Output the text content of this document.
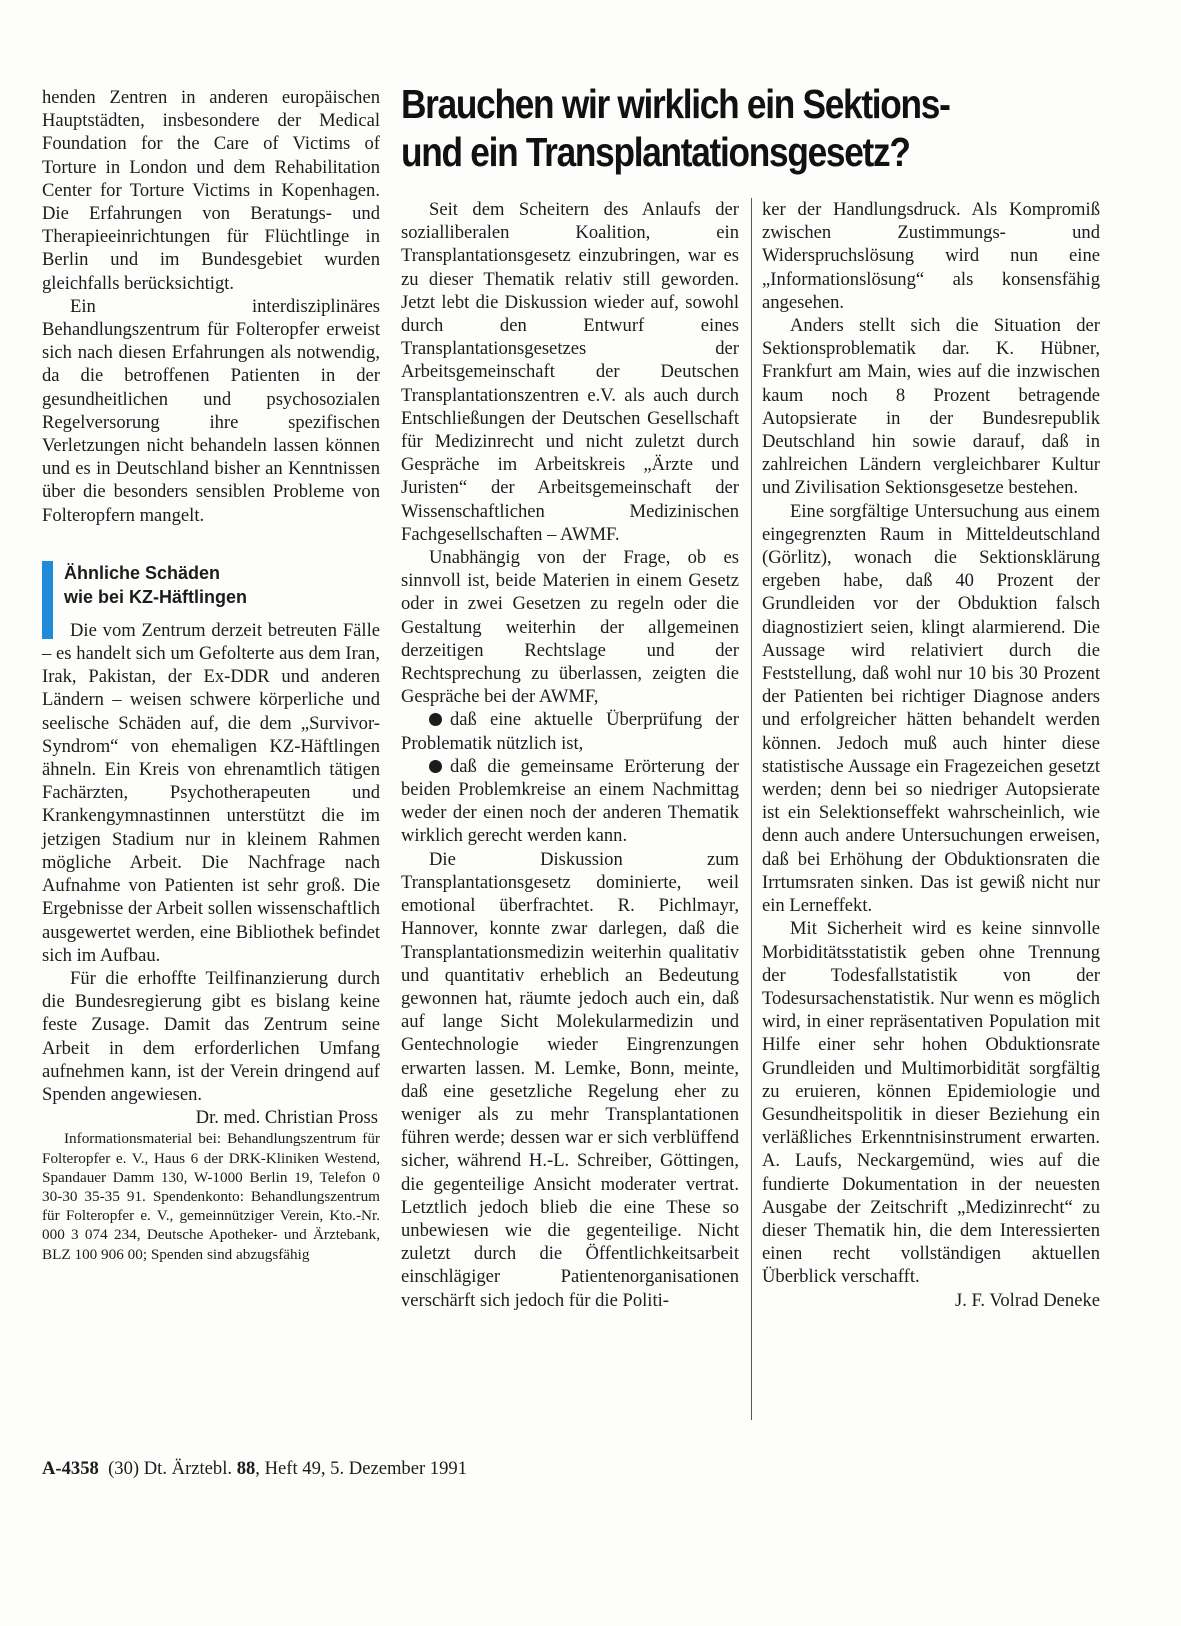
Brauchen wir wirklich ein Sektions-
und ein Transplantationsgesetz?

henden Zentren in anderen europäischen Hauptstädten, insbesondere der Medical Foundation for the Care of Victims of Torture in London und dem Rehabilitation Center for Torture Victims in Kopenhagen. Die Erfahrungen von Beratungs- und Therapieeinrichtungen für Flüchtlinge in Berlin und im Bundesgebiet wurden gleichfalls berücksichtigt.

Ein interdisziplinäres Behandlungszentrum für Folteropfer erweist sich nach diesen Erfahrungen als notwendig, da die betroffenen Patienten in der gesundheitlichen und psychosozialen Regelversorung ihre spezifischen Verletzungen nicht behandeln lassen können und es in Deutschland bisher an Kenntnissen über die besonders sensiblen Probleme von Folteropfern mangelt.

Ähnliche Schäden
wie bei KZ-Häftlingen

Die vom Zentrum derzeit betreuten Fälle – es handelt sich um Gefolterte aus dem Iran, Irak, Pakistan, der Ex-DDR und anderen Ländern – weisen schwere körperliche und seelische Schäden auf, die dem „Survivor-Syndrom“ von ehemaligen KZ-Häftlingen ähneln. Ein Kreis von ehrenamtlich tätigen Fachärzten, Psychotherapeuten und Krankengymnastinnen unterstützt die im jetzigen Stadium nur in kleinem Rahmen mögliche Arbeit. Die Nachfrage nach Aufnahme von Patienten ist sehr groß. Die Ergebnisse der Arbeit sollen wissenschaftlich ausgewertet werden, eine Bibliothek befindet sich im Aufbau.

Für die erhoffte Teilfinanzierung durch die Bundesregierung gibt es bislang keine feste Zusage. Damit das Zentrum seine Arbeit in dem erforderlichen Umfang aufnehmen kann, ist der Verein dringend auf Spenden angewiesen.

Dr. med. Christian Pross

Informationsmaterial bei: Behandlungszentrum für Folteropfer e. V., Haus 6 der DRK-Kliniken Westend, Spandauer Damm 130, W-1000 Berlin 19, Telefon 0 30-30 35-35 91. Spendenkonto: Behandlungszentrum für Folteropfer e. V., gemeinnütziger Verein, Kto.-Nr. 000 3 074 234, Deutsche Apotheker- und Ärztebank, BLZ 100 906 00; Spenden sind abzugsfähig

Seit dem Scheitern des Anlaufs der sozialliberalen Koalition, ein Transplantationsgesetz einzubringen, war es zu dieser Thematik relativ still geworden. Jetzt lebt die Diskussion wieder auf, sowohl durch den Entwurf eines Transplantationsgesetzes der Arbeitsgemeinschaft der Deutschen Transplantationszentren e.V. als auch durch Entschließungen der Deutschen Gesellschaft für Medizinrecht und nicht zuletzt durch Gespräche im Arbeitskreis „Ärzte und Juristen“ der Arbeitsgemeinschaft der Wissenschaftlichen Medizinischen Fachgesellschaften – AWMF.

Unabhängig von der Frage, ob es sinnvoll ist, beide Materien in einem Gesetz oder in zwei Gesetzen zu regeln oder die Gestaltung weiterhin der allgemeinen derzeitigen Rechtslage und der Rechtsprechung zu überlassen, zeigten die Gespräche bei der AWMF,

daß eine aktuelle Überprüfung der Problematik nützlich ist,

daß die gemeinsame Erörterung der beiden Problemkreise an einem Nachmittag weder der einen noch der anderen Thematik wirklich gerecht werden kann.

Die Diskussion zum Transplantationsgesetz dominierte, weil emotional überfrachtet. R. Pichlmayr, Hannover, konnte zwar darlegen, daß die Transplantationsmedizin weiterhin qualitativ und quantitativ erheblich an Bedeutung gewonnen hat, räumte jedoch auch ein, daß auf lange Sicht Molekularmedizin und Gentechnologie wieder Eingrenzungen erwarten lassen. M. Lemke, Bonn, meinte, daß eine gesetzliche Regelung eher zu weniger als zu mehr Transplantationen führen werde; dessen war er sich verblüffend sicher, während H.-L. Schreiber, Göttingen, die gegenteilige Ansicht moderater vertrat. Letztlich jedoch blieb die eine These so unbewiesen wie die gegenteilige. Nicht zuletzt durch die Öffentlichkeitsarbeit einschlägiger Patientenorganisationen verschärft sich jedoch für die Politi-

ker der Handlungsdruck. Als Kompromiß zwischen Zustimmungs- und Widerspruchslösung wird nun eine „Informationslösung“ als konsensfähig angesehen.

Anders stellt sich die Situation der Sektionsproblematik dar. K. Hübner, Frankfurt am Main, wies auf die inzwischen kaum noch 8 Prozent betragende Autopsierate in der Bundesrepublik Deutschland hin sowie darauf, daß in zahlreichen Ländern vergleichbarer Kultur und Zivilisation Sektionsgesetze bestehen.

Eine sorgfältige Untersuchung aus einem eingegrenzten Raum in Mitteldeutschland (Görlitz), wonach die Sektionsklärung ergeben habe, daß 40 Prozent der Grundleiden vor der Obduktion falsch diagnostiziert seien, klingt alarmierend. Die Aussage wird relativiert durch die Feststellung, daß wohl nur 10 bis 30 Prozent der Patienten bei richtiger Diagnose anders und erfolgreicher hätten behandelt werden können. Jedoch muß auch hinter diese statistische Aussage ein Fragezeichen gesetzt werden; denn bei so niedriger Autopsierate ist ein Selektionseffekt wahrscheinlich, wie denn auch andere Untersuchungen erweisen, daß bei Erhöhung der Obduktionsraten die Irrtumsraten sinken. Das ist gewiß nicht nur ein Lerneffekt.

Mit Sicherheit wird es keine sinnvolle Morbiditätsstatistik geben ohne Trennung der Todesfallstatistik von der Todesursachenstatistik. Nur wenn es möglich wird, in einer repräsentativen Population mit Hilfe einer sehr hohen Obduktionsrate Grundleiden und Multimorbidität sorgfältig zu eruieren, können Epidemiologie und Gesundheitspolitik in dieser Beziehung ein verläßliches Erkenntnisinstrument erwarten. A. Laufs, Neckargemünd, wies auf die fundierte Dokumentation in der neuesten Ausgabe der Zeitschrift „Medizinrecht“ zu dieser Thematik hin, die dem Interessierten einen recht vollständigen aktuellen Überblick verschafft.

J. F. Volrad Deneke

A-4358 (30) Dt. Ärztebl. 88, Heft 49, 5. Dezember 1991
